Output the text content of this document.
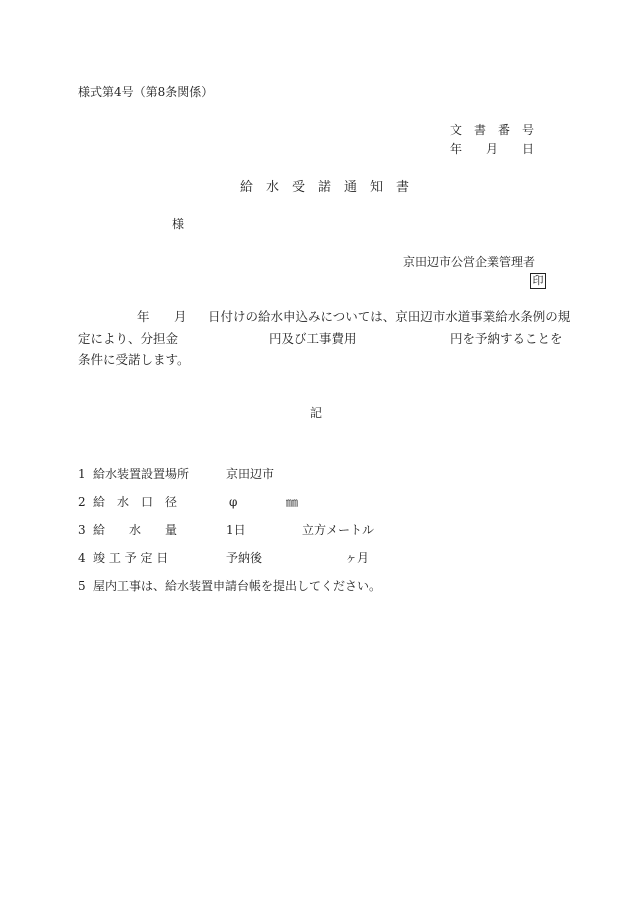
様式第4号（第8条関係）
文　書　番　号
年　　月　　日
給　水　受　諾　通　知　書
様
京田辺市公営企業管理者
印
年 月 日付けの給水申込みについては、京田辺市水道事業給水条例の規
定により、分担金	円及び工事費用	円を予納することを
条件に受諾します。
記
1 給水装置設置場所	京田辺市
2 給　水　口　径	φ	㎜
3 給　　水　　量	1日	立方メートル
4 竣 工 予 定 日	予納後	ヶ月
5 屋内工事は、給水装置申請台帳を提出してください。
